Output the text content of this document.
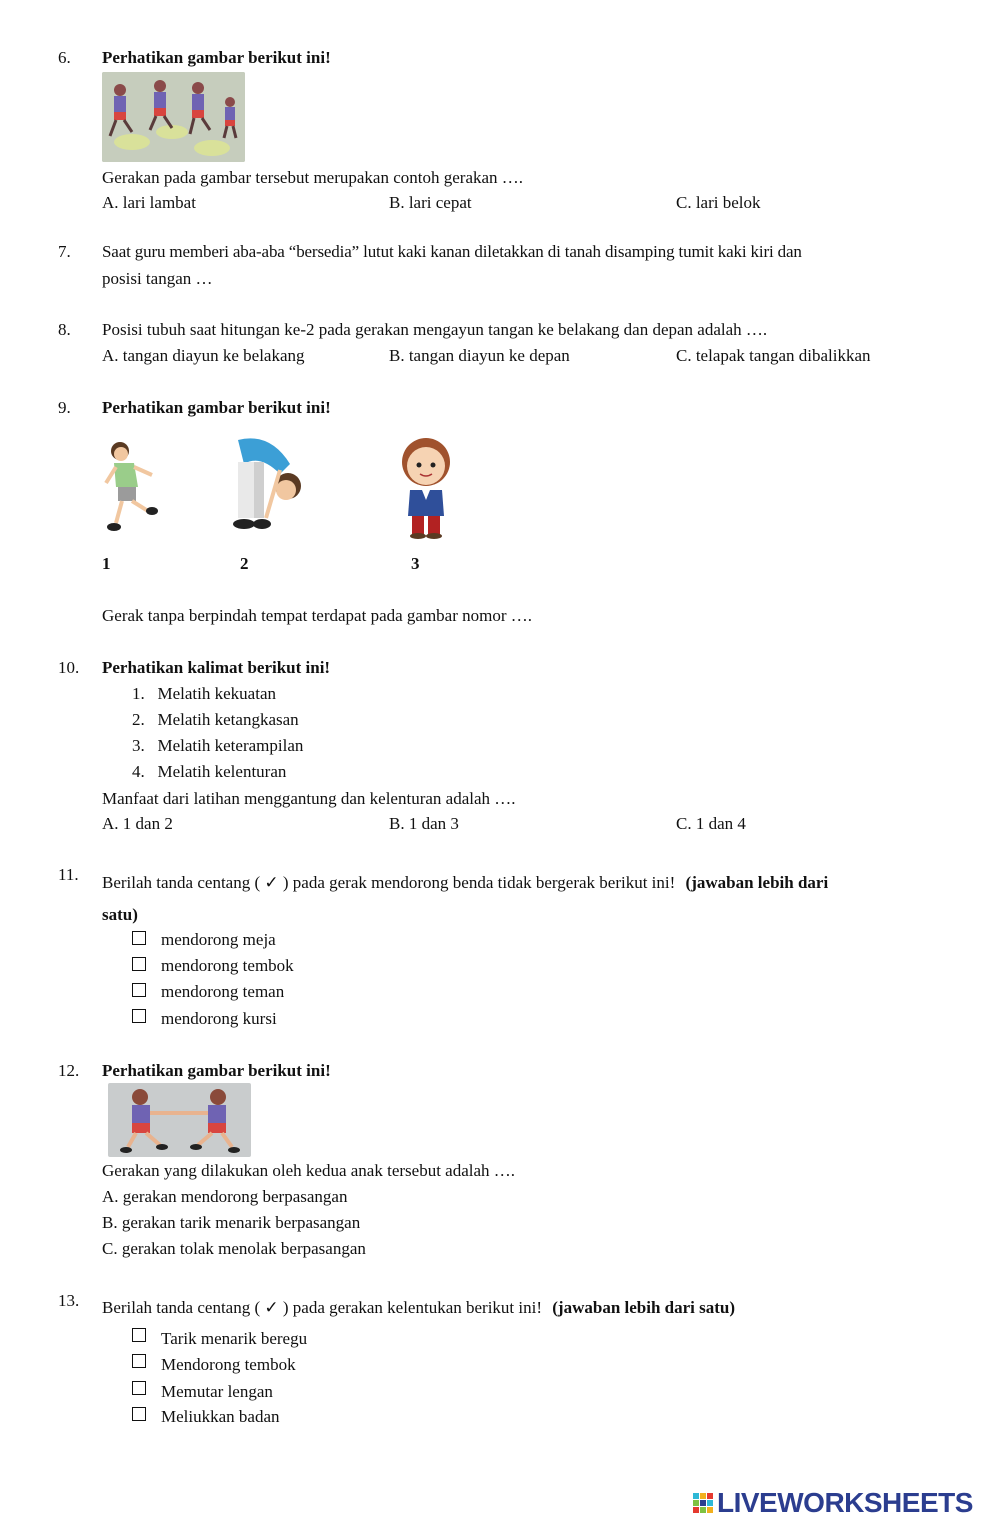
6. Perhatikan gambar berikut ini!
Gerakan pada gambar tersebut merupakan contoh gerakan ….
A. lari lambat	B. lari cepat	C. lari belok
7. Saat guru memberi aba-aba “bersedia” lutut kaki kanan diletakkan di tanah disamping tumit kaki kiri dan
posisi tangan …
8. Posisi tubuh saat hitungan ke-2 pada gerakan mengayun tangan ke belakang dan depan adalah ….
A. tangan diayun ke belakang	B. tangan diayun ke depan	C. telapak tangan dibalikkan
9. Perhatikan gambar berikut ini!
1	2	3
Gerak tanpa berpindah tempat terdapat pada gambar nomor ….
10. Perhatikan kalimat berikut ini!
1.   Melatih kekuatan
2.   Melatih ketangkasan
3.   Melatih keterampilan
4.   Melatih kelenturan
Manfaat dari latihan menggantung dan kelenturan adalah ….
A. 1 dan 2	B. 1 dan 3	C. 1 dan 4
11. Berilah tanda centang ( ✓ ) pada gerak mendorong benda tidak bergerak berikut ini! (jawaban lebih dari
satu)
mendorong meja
mendorong tembok
mendorong teman
mendorong kursi
12. Perhatikan gambar berikut ini!
Gerakan yang dilakukan oleh kedua anak tersebut adalah ….
A. gerakan mendorong berpasangan
B. gerakan tarik menarik berpasangan
C. gerakan tolak menolak berpasangan
13. Berilah tanda centang ( ✓ ) pada gerakan kelentukan berikut ini! (jawaban lebih dari satu)
Tarik menarik beregu
Mendorong tembok
Memutar lengan
Meliukkan badan
LIVEWORKSHEETS
